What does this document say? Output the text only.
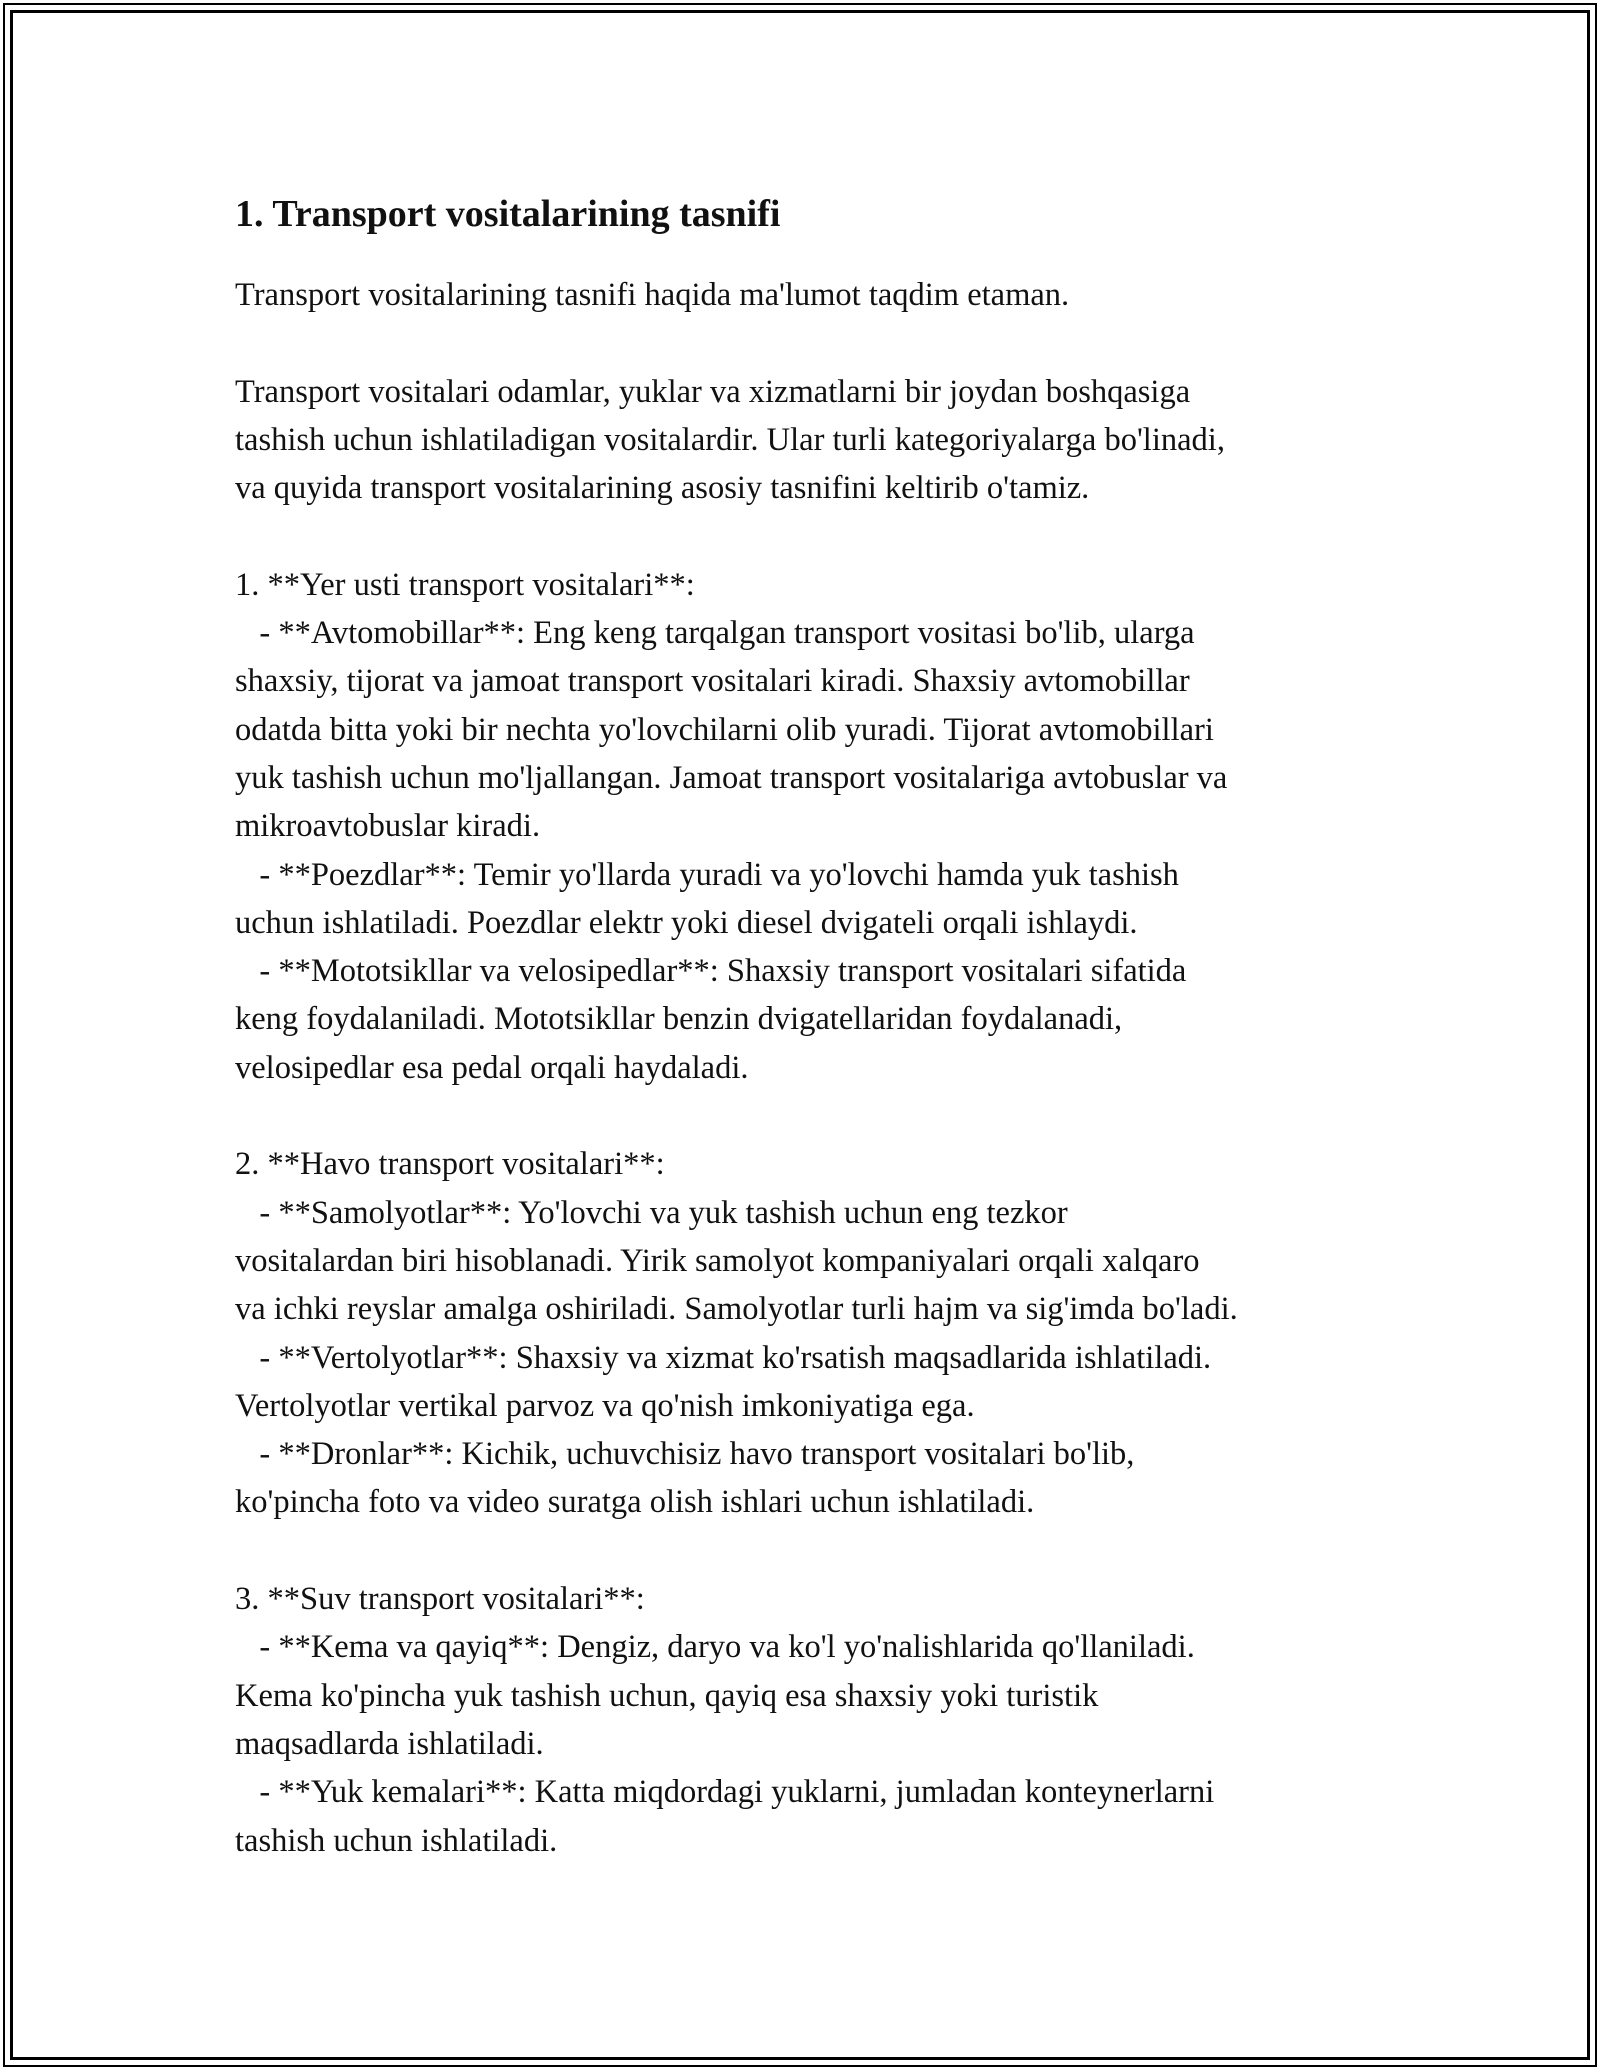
1. Transport vositalarining tasnifi

Transport vositalarining tasnifi haqida ma'lumot taqdim etaman.

Transport vositalari odamlar, yuklar va xizmatlarni bir joydan boshqasiga

tashish uchun ishlatiladigan vositalardir. Ular turli kategoriyalarga bo'linadi,

va quyida transport vositalarining asosiy tasnifini keltirib o'tamiz.

1. **Yer usti transport vositalari**:

- **Avtomobillar**: Eng keng tarqalgan transport vositasi bo'lib, ularga

shaxsiy, tijorat va jamoat transport vositalari kiradi. Shaxsiy avtomobillar

odatda bitta yoki bir nechta yo'lovchilarni olib yuradi. Tijorat avtomobillari

yuk tashish uchun mo'ljallangan. Jamoat transport vositalariga avtobuslar va

mikroavtobuslar kiradi.

- **Poezdlar**: Temir yo'llarda yuradi va yo'lovchi hamda yuk tashish

uchun ishlatiladi. Poezdlar elektr yoki diesel dvigateli orqali ishlaydi.

- **Mototsikllar va velosipedlar**: Shaxsiy transport vositalari sifatida

keng foydalaniladi. Mototsikllar benzin dvigatellaridan foydalanadi,

velosipedlar esa pedal orqali haydaladi.

2. **Havo transport vositalari**:

- **Samolyotlar**: Yo'lovchi va yuk tashish uchun eng tezkor

vositalardan biri hisoblanadi. Yirik samolyot kompaniyalari orqali xalqaro

va ichki reyslar amalga oshiriladi. Samolyotlar turli hajm va sig'imda bo'ladi.

- **Vertolyotlar**: Shaxsiy va xizmat ko'rsatish maqsadlarida ishlatiladi.

Vertolyotlar vertikal parvoz va qo'nish imkoniyatiga ega.

- **Dronlar**: Kichik, uchuvchisiz havo transport vositalari bo'lib,

ko'pincha foto va video suratga olish ishlari uchun ishlatiladi.

3. **Suv transport vositalari**:

- **Kema va qayiq**: Dengiz, daryo va ko'l yo'nalishlarida qo'llaniladi.

Kema ko'pincha yuk tashish uchun, qayiq esa shaxsiy yoki turistik

maqsadlarda ishlatiladi.

- **Yuk kemalari**: Katta miqdordagi yuklarni, jumladan konteynerlarni

tashish uchun ishlatiladi.
